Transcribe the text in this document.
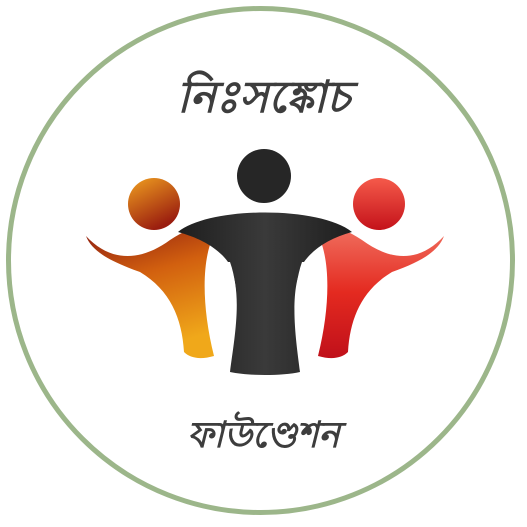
নিঃসঙ্কোচ
ফাউণ্ডেশন
